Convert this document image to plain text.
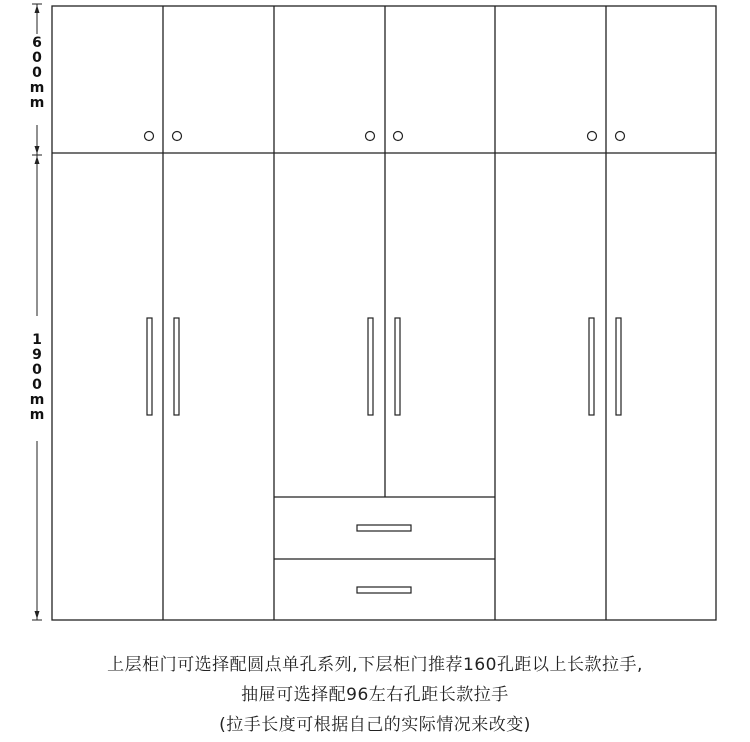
6
0
0
m
m
1
9
0
0
m
m
上层柜门可选择配圆点单孔系列,下层柜门推荐160孔距以上长款拉手,
抽屉可选择配96左右孔距长款拉手
(拉手长度可根据自己的实际情况来改变)
